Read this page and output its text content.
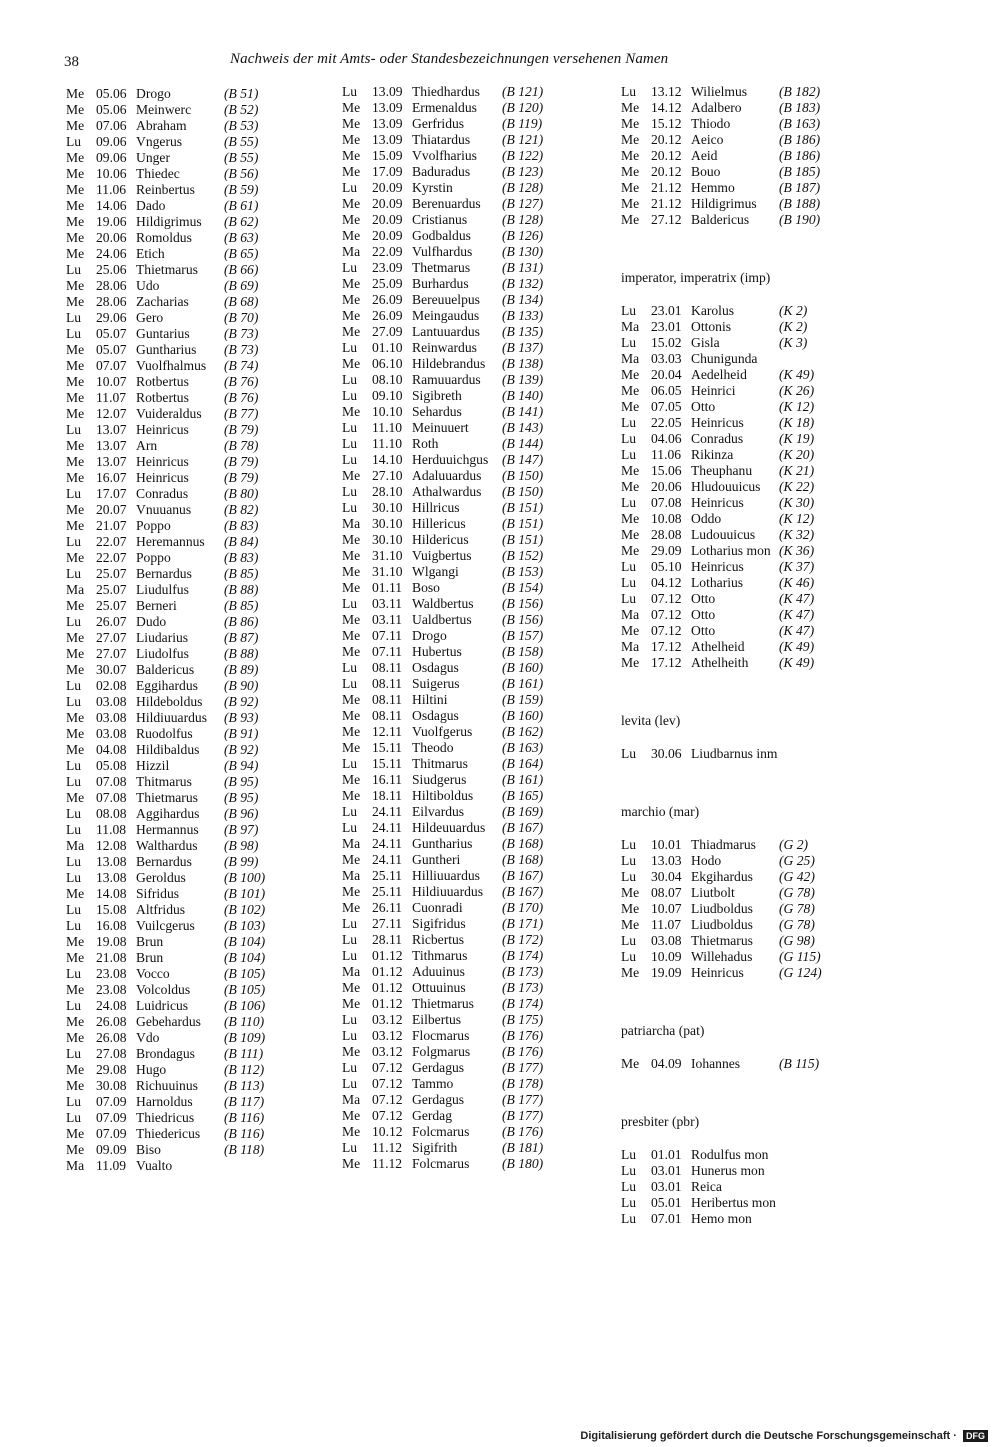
38	Nachweis der mit Amts- oder Standesbezeichnungen versehenen Namen
Me 05.06 Drogo	(B 51)
Me 05.06 Meinwerc (B 52)
Me 07.06 Abraham	(B 53)
Lu 09.06 Vngerus	(B 55)
Me 09.06 Unger	(B 55)
Me 10.06 Thiedec	(B 56)
Me 11.06 Reinbertus (B 59)
Me 14.06 Dado	(B 61)
Me 19.06 Hildigrimus (B 62)
Me 20.06 Romoldus (B 63)
Me 24.06 Etich	(B 65)
Lu 25.06 Thietmarus (B 66)
Me 28.06 Udo	(B 69)
Me 28.06 Zacharias	(B 68)
Lu 29.06 Gero	(B 70)
Lu 05.07 Guntarius	(B 73)
Me 05.07 Guntharius (B 73)
Me 07.07 Vuolfhalmus (B 74)
Me 10.07 Rotbertus	(B 76)
Me 11.07 Rotbertus	(B 76)
Me 12.07 Vuideraldus (B 77)
Lu 13.07 Heinricus	(B 79)
Me 13.07 Arn	(B 78)
Me 13.07 Heinricus	(B 79)
Me 16.07 Heinricus	(B 79)
Lu 17.07 Conradus	(B 80)
Me 20.07 Vnuuanus (B 82)
Me 21.07 Poppo	(B 83)
Lu 22.07 Heremannus (B 84)
Me 22.07 Poppo	(B 83)
Lu 25.07 Bernardus (B 85)
Ma 25.07 Liudulfus	(B 88)
Me 25.07 Berneri	(B 85)
Lu 26.07 Dudo	(B 86)
Me 27.07 Liudarius	(B 87)
Me 27.07 Liudolfus	(B 88)
Me 30.07 Baldericus (B 89)
Lu 02.08 Eggihardus (B 90)
Lu 03.08 Hildeboldus (B 92)
Me 03.08 Hildiuuardus (B 93)
Me 03.08 Ruodolfus (B 91)
Me 04.08 Hildibaldus (B 92)
Lu 05.08 Hizzil	(B 94)
Lu 07.08 Thitmarus (B 95)
Me 07.08 Thietmarus (B 95)
Lu 08.08 Aggihardus (B 96)
Lu 11.08 Hermannus (B 97)
Ma 12.08 Walthardus (B 98)
Lu 13.08 Bernardus (B 99)
Lu 13.08 Geroldus	(B 100)
Me 14.08 Sifridus	(B 101)
Lu 15.08 Altfridus	(B 102)
Lu 16.08 Vuilcgerus (B 103)
Me 19.08 Brun	(B 104)
Me 21.08 Brun	(B 104)
Lu 23.08 Vocco	(B 105)
Me 23.08 Volcoldus (B 105)
Lu 24.08 Luidricus	(B 106)
Me 26.08 Gebehardus (B 110)
Me 26.08 Vdo	(B 109)
Lu 27.08 Brondagus (B 111)
Me 29.08 Hugo	(B 112)
Me 30.08 Richuuinus (B 113)
Lu 07.09 Harnoldus (B 117)
Lu 07.09 Thiedricus (B 116)
Me 07.09 Thiedericus (B 116)
Me 09.09 Biso	(B 118)
Ma 11.09 Vualto
Lu 13.09 Thiedhardus (B 121)
Me 13.09 Ermenaldus (B 120)
Me 13.09 Gerfridus	(B 119)
Me 13.09 Thiatardus (B 121)
Me 15.09 Vvolfharius (B 122)
Me 17.09 Baduradus (B 123)
Lu 20.09 Kyrstin	(B 128)
Me 20.09 Berenuardus (B 127)
Me 20.09 Cristianus	(B 128)
Me 20.09 Godbaldus (B 126)
Ma 22.09 Vulfhardus (B 130)
Lu 23.09 Thetmarus (B 131)
Me 25.09 Burhardus (B 132)
Me 26.09 Bereuuelpus (B 134)
Me 26.09 Meingaudus (B 133)
Me 27.09 Lantuuardus (B 135)
Lu 01.10 Reinwardus (B 137)
Me 06.10 Hildebrandus (B 138)
Lu 08.10 Ramuuardus (B 139)
Lu 09.10 Sigibreth	(B 140)
Me 10.10 Sehardus	(B 141)
Lu 11.10 Meinuuert (B 143)
Lu 11.10 Roth	(B 144)
Lu 14.10 Herduuichgus (B 147)
Me 27.10 Adaluuardus (B 150)
Lu 28.10 Athalwardus (B 150)
Lu 30.10 Hillricus	(B 151)
Ma 30.10 Hillericus	(B 151)
Me 30.10 Hildericus (B 151)
Me 31.10 Vuigbertus (B 152)
Me 31.10 Wlgangi	(B 153)
Me 01.11 Boso	(B 154)
Lu 03.11 Waldbertus (B 156)
Me 03.11 Ualdbertus (B 156)
Me 07.11 Drogo	(B 157)
Me 07.11 Hubertus	(B 158)
Lu 08.11 Osdagus	(B 160)
Lu 08.11 Suigerus	(B 161)
Me 08.11 Hiltini	(B 159)
Me 08.11 Osdagus	(B 160)
Me 12.11 Vuolfgerus (B 162)
Me 15.11 Theodo	(B 163)
Lu 15.11 Thitmarus	(B 164)
Me 16.11 Siudgerus	(B 161)
Me 18.11 Hiltiboldus (B 165)
Lu 24.11 Eilvardus	(B 169)
Lu 24.11 Hildeuuardus (B 167)
Ma 24.11 Guntharius (B 168)
Me 24.11 Guntheri	(B 168)
Ma 25.11 Hilliuuardus (B 167)
Me 25.11 Hildiuuardus (B 167)
Me 26.11 Cuonradi	(B 170)
Lu 27.11 Sigifridus	(B 171)
Lu 28.11 Ricbertus	(B 172)
Lu 01.12 Tithmarus	(B 174)
Ma 01.12 Aduuinus	(B 173)
Me 01.12 Ottuuinus	(B 173)
Me 01.12 Thietmarus (B 174)
Lu 03.12 Eilbertus	(B 175)
Lu 03.12 Flocmarus (B 176)
Me 03.12 Folgmarus (B 176)
Lu 07.12 Gerdagus	(B 177)
Lu 07.12 Tammo	(B 178)
Ma 07.12 Gerdagus	(B 177)
Me 07.12 Gerdag	(B 177)
Me 10.12 Folcmarus (B 176)
Lu 11.12 Sigifrith	(B 181)
Me 11.12 Folcmarus (B 180)
Lu 13.12 Wilielmus (B 182)
Me 14.12 Adalbero	(B 183)
Me 15.12 Thiodo	(B 163)
Me 20.12 Aeico	(B 186)
Me 20.12 Aeid	(B 186)
Me 20.12 Bouo	(B 185)
Me 21.12 Hemmo	(B 187)
Me 21.12 Hildigrimus (B 188)
Me 27.12 Baldericus (B 190)
imperator, imperatrix (imp)
Lu 23.01 Karolus	(K 2)
Ma 23.01 Ottonis	(K 2)
Lu 15.02 Gisla	(K 3)
Ma 03.03 Chunigunda
Me 20.04 Aedelheid (K 49)
Me 06.05 Heinrici	(K 26)
Me 07.05 Otto	(K 12)
Lu 22.05 Heinricus	(K 18)
Lu 04.06 Conradus	(K 19)
Lu 11.06 Rikinza	(K 20)
Me 15.06 Theuphanu (K 21)
Me 20.06 Hludouuicus (K 22)
Lu 07.08 Heinricus	(K 30)
Me 10.08 Oddo	(K 12)
Me 28.08 Ludouuicus (K 32)
Me 29.09 Lotharius mon (K 36)
Lu 05.10 Heinricus	(K 37)
Lu 04.12 Lotharius	(K 46)
Lu 07.12 Otto	(K 47)
Ma 07.12 Otto	(K 47)
Me 07.12 Otto	(K 47)
Ma 17.12 Athelheid	(K 49)
Me 17.12 Athelheith (K 49)
levita (lev)
Lu 30.06 Liudbarnus inm
marchio (mar)
Lu 10.01 Thiadmarus (G 2)
Lu 13.03 Hodo	(G 25)
Lu 30.04 Ekgihardus (G 42)
Me 08.07 Liutbolt	(G 78)
Me 10.07 Liudboldus (G 78)
Me 11.07 Liudboldus (G 78)
Lu 03.08 Thietmarus (G 98)
Lu 10.09 Willehadus (G 115)
Me 19.09 Heinricus	(G 124)
patriarcha (pat)
Me 04.09 Iohannes	(B 115)
presbiter (pbr)
Lu 01.01 Rodulfus mon
Lu 03.01 Hunerus mon
Lu 03.01 Reica
Lu 05.01 Heribertus mon
Lu 07.01 Hemo mon
Digitalisierung gefördert durch die Deutsche Forschungsgemeinschaft · DFG
